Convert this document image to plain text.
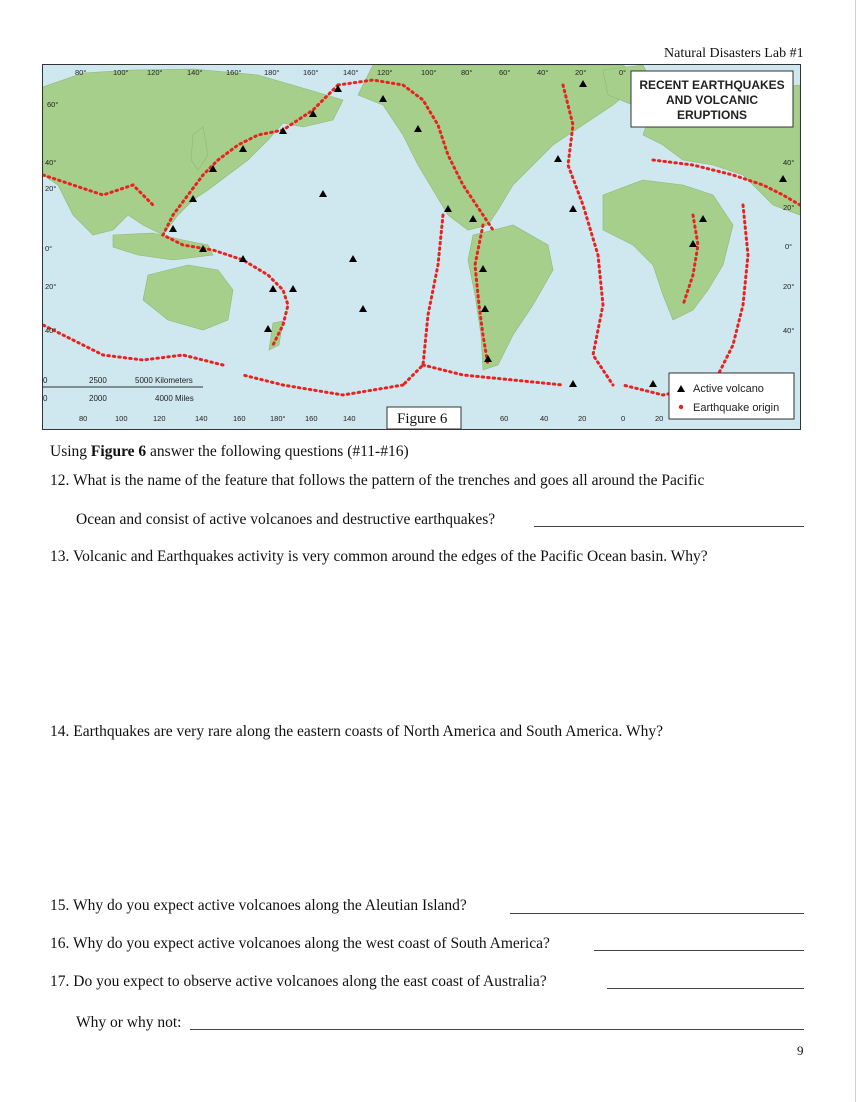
Natural Disasters Lab #1
80°	100° 120°	140°	160°	180°	160°	140° 120°	100°	80°	60°	40°	20°	0°
60°
40°
20°
0°
20°
40°
40°
20°
0°
20°
40°
RECENT EARTHQUAKES
AND VOLCANIC
ERUPTIONS
0	2500	5000 Kilometers
0	2000	4000 Miles
80	100	120	140	160	180°	160	140	60	40	20	0	20
Figure 6
Active volcano
Earthquake origin
Using Figure 6 answer the following questions (#11-#16)
12. What is the name of the feature that follows the pattern of the trenches and goes all around the Pacific
Ocean and consist of active volcanoes and destructive earthquakes?
13. Volcanic and Earthquakes activity is very common around the edges of the Pacific Ocean basin. Why?
14. Earthquakes are very rare along the eastern coasts of North America and South America. Why?
15. Why do you expect active volcanoes along the Aleutian Island?
16. Why do you expect active volcanoes along the west coast of South America?
17. Do you expect to observe active volcanoes along the east coast of Australia?
Why or why not:
9
